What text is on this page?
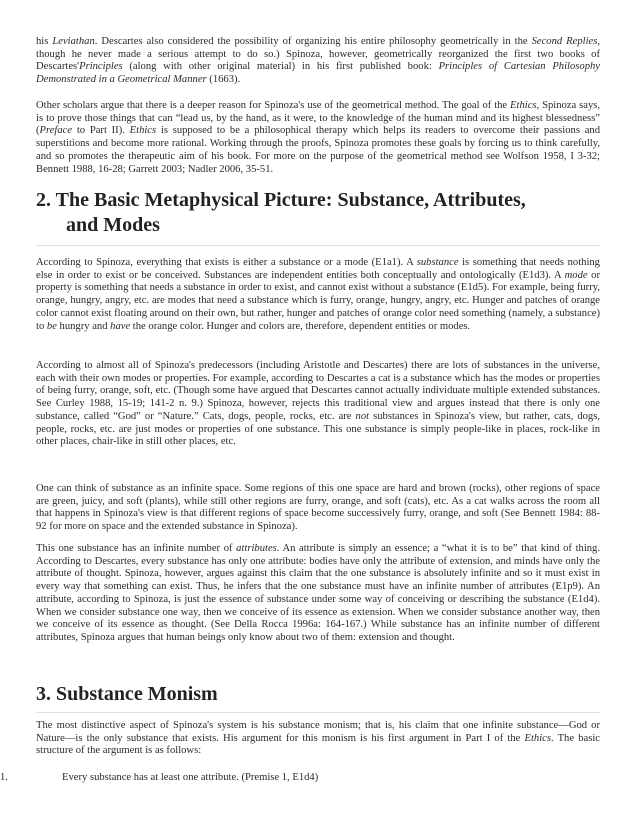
his Leviathan. Descartes also considered the possibility of organizing his entire philosophy geometrically in the Second Replies, though he never made a serious attempt to do so.) Spinoza, however, geometrically reorganized the first two books of Descartes'Principles (along with other original material) in his first published book: Principles of Cartesian Philosophy Demonstrated in a Geometrical Manner (1663).

Other scholars argue that there is a deeper reason for Spinoza's use of the geometrical method. The goal of the Ethics, Spinoza says, is to prove those things that can “lead us, by the hand, as it were, to the knowledge of the human mind and its highest blessedness” (Preface to Part II). Ethics is supposed to be a philosophical therapy which helps its readers to overcome their passions and superstitions and become more rational. Working through the proofs, Spinoza promotes these goals by forcing us to think carefully, and so promotes the therapeutic aim of his book. For more on the purpose of the geometrical method see Wolfson 1958, I 3-32; Bennett 1988, 16-28; Garrett 2003; Nadler 2006, 35-51.

2. The Basic Metaphysical Picture: Substance, Attributes,
and Modes

According to Spinoza, everything that exists is either a substance or a mode (E1a1). A substance is something that needs nothing else in order to exist or be conceived. Substances are independent entities both conceptually and ontologically (E1d3). A mode or property is something that needs a substance in order to exist, and cannot exist without a substance (E1d5). For example, being furry, orange, hungry, angry, etc. are modes that need a substance which is furry, orange, hungry, angry, etc. Hunger and patches of orange color cannot exist floating around on their own, but rather, hunger and patches of orange color need something (namely, a substance) to be hungry and have the orange color. Hunger and colors are, therefore, dependent entities or modes.

According to almost all of Spinoza's predecessors (including Aristotle and Descartes) there are lots of substances in the universe, each with their own modes or properties. For example, according to Descartes a cat is a substance which has the modes or properties of being furry, orange, soft, etc. (Though some have argued that Descartes cannot actually individuate multiple extended substances. See Curley 1988, 15-19; 141-2 n. 9.) Spinoza, however, rejects this traditional view and argues instead that there is only one substance, called “God” or “Nature.” Cats, dogs, people, rocks, etc. are not substances in Spinoza's view, but rather, cats, dogs, people, rocks, etc. are just modes or properties of one substance. This one substance is simply people-like in places, rock-like in other places, chair-like in still other places, etc.

One can think of substance as an infinite space. Some regions of this one space are hard and brown (rocks), other regions of space are green, juicy, and soft (plants), while still other regions are furry, orange, and soft (cats), etc. As a cat walks across the room all that happens in Spinoza's view is that different regions of space become successively furry, orange, and soft (See Bennett 1984: 88-92 for more on space and the extended substance in Spinoza).

This one substance has an infinite number of attributes. An attribute is simply an essence; a “what it is to be” that kind of thing. According to Descartes, every substance has only one attribute: bodies have only the attribute of extension, and minds have only the attribute of thought. Spinoza, however, argues against this claim that the one substance is absolutely infinite and so it must exist in every way that something can exist. Thus, he infers that the one substance must have an infinite number of attributes (E1p9). An attribute, according to Spinoza, is just the essence of substance under some way of conceiving or describing the substance (E1d4). When we consider substance one way, then we conceive of its essence as extension. When we consider substance another way, then we conceive of its essence as thought. (See Della Rocca 1996a: 164-167.) While substance has an infinite number of different attributes, Spinoza argues that human beings only know about two of them: extension and thought.

3. Substance Monism

The most distinctive aspect of Spinoza's system is his substance monism; that is, his claim that one infinite substance—God or Nature—is the only substance that exists. His argument for this monism is his first argument in Part I of the Ethics. The basic structure of the argument is as follows:

1.	Every substance has at least one attribute. (Premise 1, E1d4)
